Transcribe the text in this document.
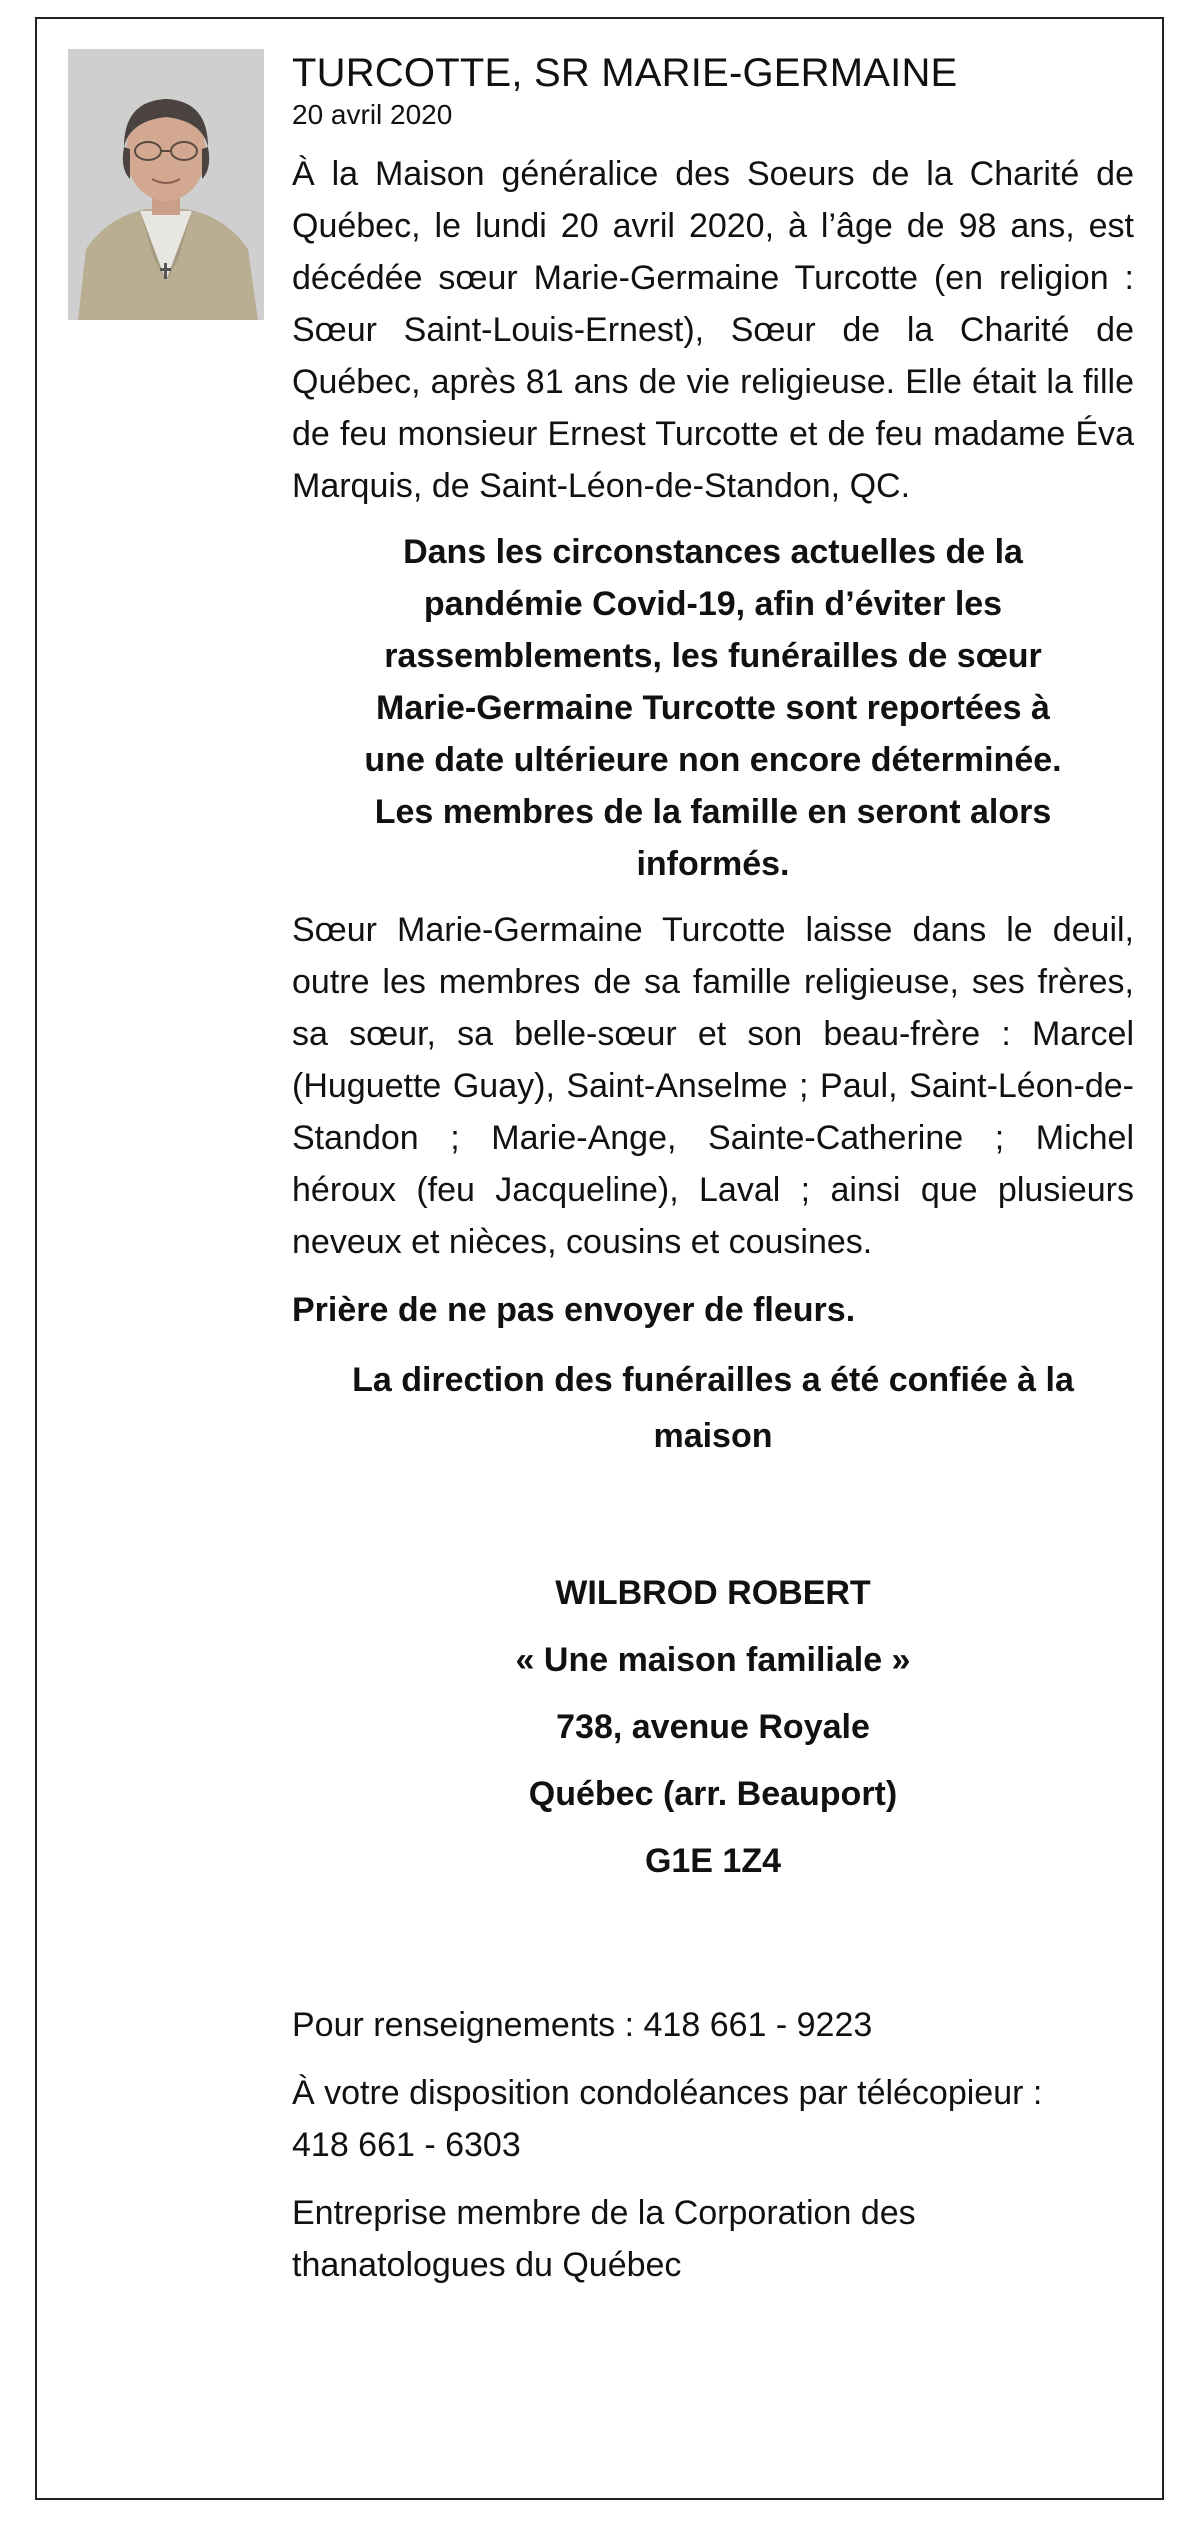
TURCOTTE, SR MARIE-GERMAINE

20 avril 2020

À la Maison généralice des Soeurs de la Charité de Québec, le lundi 20 avril 2020, à l’âge de 98 ans, est décédée sœur Marie-Germaine Turcotte (en religion : Sœur Saint-Louis-Ernest), Sœur de la Charité de Québec, après 81 ans de vie religieuse. Elle était la fille de feu monsieur Ernest Turcotte et de feu madame Éva Marquis, de Saint-Léon-de-Standon, QC.

Dans les circonstances actuelles de la
pandémie Covid-19, afin d’éviter les
rassemblements, les funérailles de sœur
Marie-Germaine Turcotte sont reportées à
une date ultérieure non encore déterminée.
Les membres de la famille en seront alors
informés.

Sœur Marie-Germaine Turcotte laisse dans le deuil, outre les membres de sa famille religieuse, ses frères, sa sœur, sa belle-sœur et son beau-frère : Marcel (Huguette Guay), Saint-Anselme ; Paul, Saint-Léon-de-Standon ; Marie-Ange, Sainte-Catherine ; Michel héroux (feu Jacqueline), Laval ; ainsi que plusieurs neveux et nièces, cousins et cousines.

Prière de ne pas envoyer de fleurs.

La direction des funérailles a été confiée à la
maison
WILBROD ROBERT
« Une maison familiale »
738, avenue Royale
Québec (arr. Beauport)
G1E 1Z4

Pour renseignements : 418 661 - 9223

À votre disposition condoléances par télécopieur :
418 661 - 6303

Entreprise membre de la Corporation des
thanatologues du Québec
